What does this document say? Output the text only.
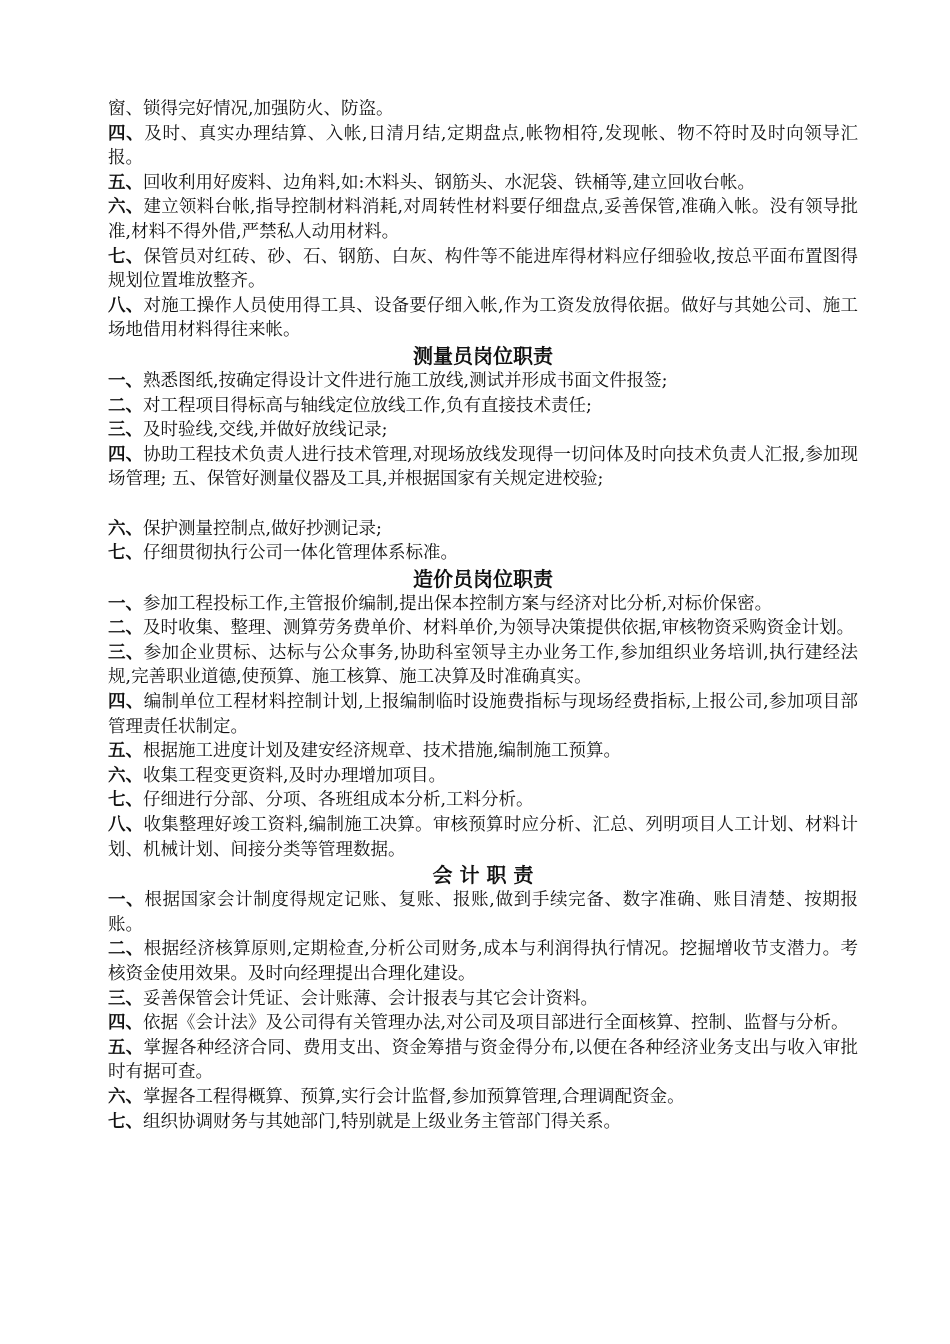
窗、锁得完好情况,加强防火、防盗。

四、及时、真实办理结算、入帐,日清月结,定期盘点,帐物相符,发现帐、物不符时及时向领导汇报。

五、回收利用好废料、边角料,如:木料头、钢筋头、水泥袋、铁桶等,建立回收台帐。

六、建立领料台帐,指导控制材料消耗,对周转性材料要仔细盘点,妥善保管,准确入帐。没有领导批准,材料不得外借,严禁私人动用材料。

七、保管员对红砖、砂、石、钢筋、白灰、构件等不能进库得材料应仔细验收,按总平面布置图得规划位置堆放整齐。

八、对施工操作人员使用得工具、设备要仔细入帐,作为工资发放得依据。做好与其她公司、施工场地借用材料得往来帐。

测量员岗位职责

一、熟悉图纸,按确定得设计文件进行施工放线,测试并形成书面文件报签;

二、对工程项目得标高与轴线定位放线工作,负有直接技术责任;

三、及时验线,交线,并做好放线记录;

四、协助工程技术负责人进行技术管理,对现场放线发现得一切问体及时向技术负责人汇报,参加现场管理; 五、保管好测量仪器及工具,并根据国家有关规定进校验;

六、保护测量控制点,做好抄测记录;

七、仔细贯彻执行公司一体化管理体系标准。

造价员岗位职责

一、参加工程投标工作,主管报价编制,提出保本控制方案与经济对比分析,对标价保密。

二、及时收集、整理、测算劳务费单价、材料单价,为领导决策提供依据,审核物资采购资金计划。

三、参加企业贯标、达标与公众事务,协助科室领导主办业务工作,参加组织业务培训,执行建经法规,完善职业道德,使预算、施工核算、施工决算及时准确真实。

四、编制单位工程材料控制计划,上报编制临时设施费指标与现场经费指标,上报公司,参加项目部管理责任状制定。

五、根据施工进度计划及建安经济规章、技术措施,编制施工预算。

六、收集工程变更资料,及时办理增加项目。

七、仔细进行分部、分项、各班组成本分析,工料分析。

八、收集整理好竣工资料,编制施工决算。审核预算时应分析、汇总、列明项目人工计划、材料计划、机械计划、间接分类等管理数据。

会 计 职 责

一、根据国家会计制度得规定记账、复账、报账,做到手续完备、数字准确、账目清楚、按期报账。

二、根据经济核算原则,定期检查,分析公司财务,成本与利润得执行情况。挖掘增收节支潜力。考核资金使用效果。及时向经理提出合理化建设。

三、妥善保管会计凭证、会计账薄、会计报表与其它会计资料。

四、依据《会计法》及公司得有关管理办法,对公司及项目部进行全面核算、控制、监督与分析。

五、掌握各种经济合同、费用支出、资金筹措与资金得分布,以便在各种经济业务支出与收入审批时有据可查。

六、掌握各工程得概算、预算,实行会计监督,参加预算管理,合理调配资金。

七、组织协调财务与其她部门,特别就是上级业务主管部门得关系。
